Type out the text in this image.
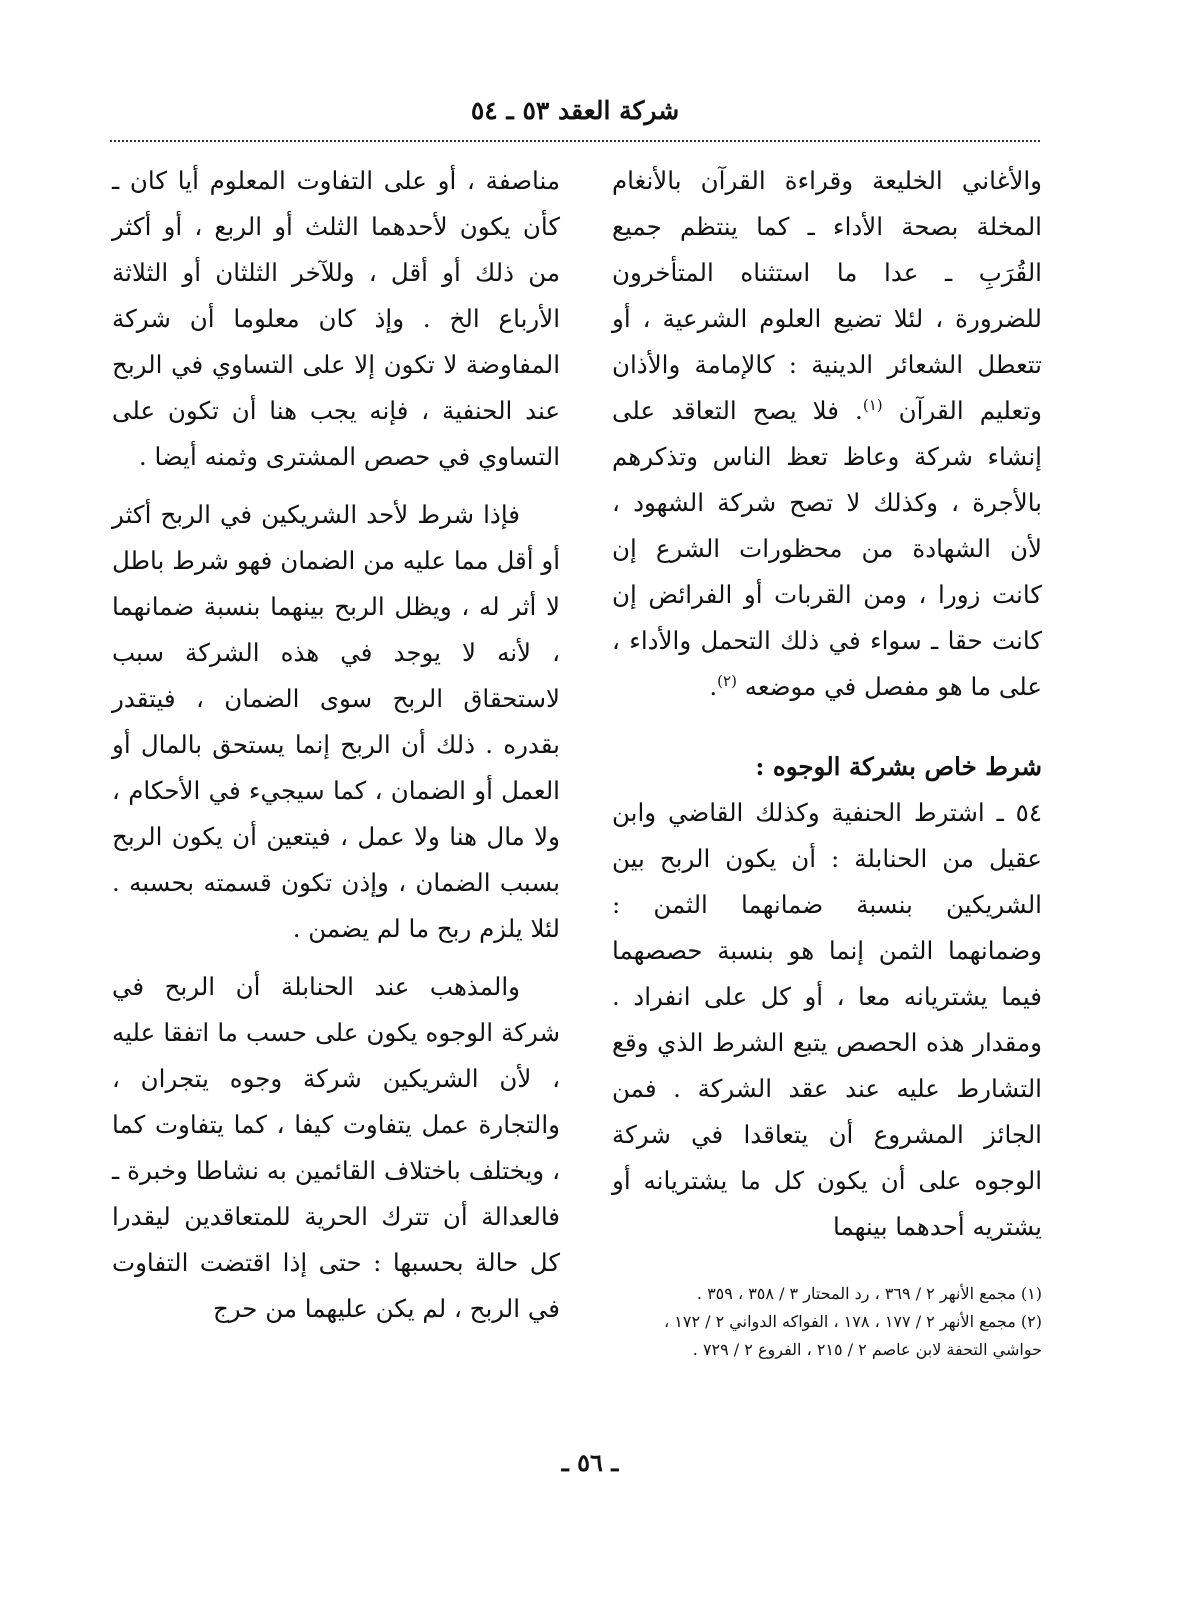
شركة العقد ٥٣ ـ ٥٤

والأغاني الخليعة وقراءة القرآن بالأنغام المخلة بصحة الأداء ـ كما ينتظم جميع القُرَبِ ـ عدا ما استثناه المتأخرون للضرورة ، لئلا تضيع العلوم الشرعية ، أو تتعطل الشعائر الدينية : كالإمامة والأذان وتعليم القرآن $^{(١)}$. فلا يصح التعاقد على إنشاء شركة وعاظ تعظ الناس وتذكرهم بالأجرة ، وكذلك لا تصح شركة الشهود ، لأن الشهادة من محظورات الشرع إن كانت زورا ، ومن القربات أو الفرائض إن كانت حقا ـ سواء في ذلك التحمل والأداء ، على ما هو مفصل في موضعه $^{(٢)}$.

شرط خاص بشركة الوجوه :

٥٤ ـ اشترط الحنفية وكذلك القاضي وابن عقيل من الحنابلة : أن يكون الربح بين الشريكين بنسبة ضمانهما الثمن : وضمانهما الثمن إنما هو بنسبة حصصهما فيما يشتريانه معا ، أو كل على انفراد . ومقدار هذه الحصص يتبع الشرط الذي وقع التشارط عليه عند عقد الشركة . فمن الجائز المشروع أن يتعاقدا في شركة الوجوه على أن يكون كل ما يشتريانه أو يشتريه أحدهما بينهما

مناصفة ، أو على التفاوت المعلوم أيا كان ـ كأن يكون لأحدهما الثلث أو الربع ، أو أكثر من ذلك أو أقل ، وللآخر الثلثان أو الثلاثة الأرباع الخ . وإذ كان معلوما أن شركة المفاوضة لا تكون إلا على التساوي في الربح عند الحنفية ، فإنه يجب هنا أن تكون على التساوي في حصص المشترى وثمنه أيضا .

فإذا شرط لأحد الشريكين في الربح أكثر أو أقل مما عليه من الضمان فهو شرط باطل لا أثر له ، ويظل الربح بينهما بنسبة ضمانهما ، لأنه لا يوجد في هذه الشركة سبب لاستحقاق الربح سوى الضمان ، فيتقدر بقدره . ذلك أن الربح إنما يستحق بالمال أو العمل أو الضمان ، كما سيجيء في الأحكام ، ولا مال هنا ولا عمل ، فيتعين أن يكون الربح بسبب الضمان ، وإذن تكون قسمته بحسبه . لئلا يلزم ربح ما لم يضمن .

والمذهب عند الحنابلة أن الربح في شركة الوجوه يكون على حسب ما اتفقا عليه ، لأن الشريكين شركة وجوه يتجران ، والتجارة عمل يتفاوت كيفا ، كما يتفاوت كما ، ويختلف باختلاف القائمين به نشاطا وخبرة ـ فالعدالة أن تترك الحرية للمتعاقدين ليقدرا كل حالة بحسبها : حتى إذا اقتضت التفاوت في الربح ، لم يكن عليهما من حرج

(١) مجمع الأنهر ٢ / ٣٦٩ ، رد المحتار ٣ / ٣٥٨ ، ٣٥٩ .

(٢) مجمع الأنهر ٢ / ١٧٧ ، ١٧٨ ، الفواكه الدواني ٢ / ١٧٢ ، حواشي التحفة لابن عاصم ٢ / ٢١٥ ، الفروع ٢ / ٧٢٩ .

ـ ٥٦ ـ
